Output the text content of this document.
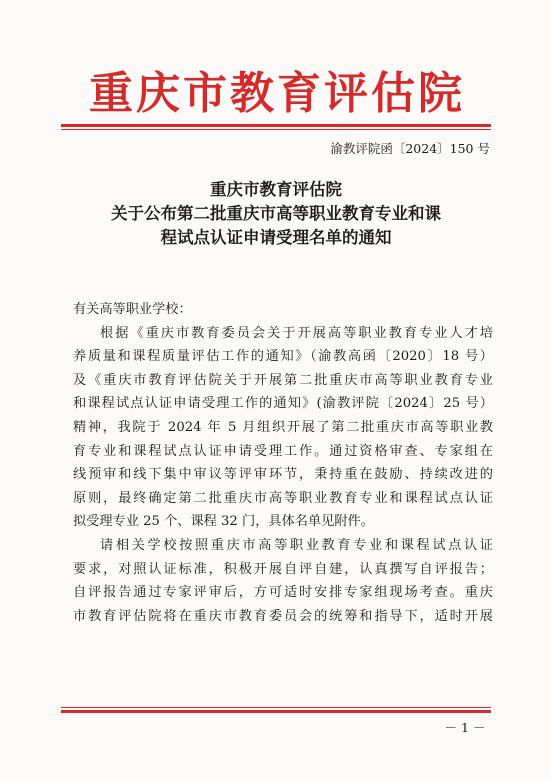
重庆市教育评估院
渝教评院函〔2024〕150 号
重庆市教育评估院
关于公布第二批重庆市高等职业教育专业和课
程试点认证申请受理名单的通知
有关高等职业学校：
根据《重庆市教育委员会关于开展高等职业教育专业人才培
养质量和课程质量评估工作的通知》（渝教高函〔2020〕18 号）
及《重庆市教育评估院关于开展第二批重庆市高等职业教育专业
和课程试点认证申请受理工作的通知》(渝教评院〔2024〕25 号）
精神，我院于 2024 年 5 月组织开展了第二批重庆市高等职业教
育专业和课程试点认证申请受理工作。通过资格审查、专家组在
线预审和线下集中审议等评审环节，秉持重在鼓励、持续改进的
原则，最终确定第二批重庆市高等职业教育专业和课程试点认证
拟受理专业 25 个、课程 32 门，具体名单见附件。
请相关学校按照重庆市高等职业教育专业和课程试点认证
要求，对照认证标准，积极开展自评自建，认真撰写自评报告；
自评报告通过专家评审后，方可适时安排专家组现场考查。重庆
市教育评估院将在重庆市教育委员会的统筹和指导下，适时开展
－ 1 －
